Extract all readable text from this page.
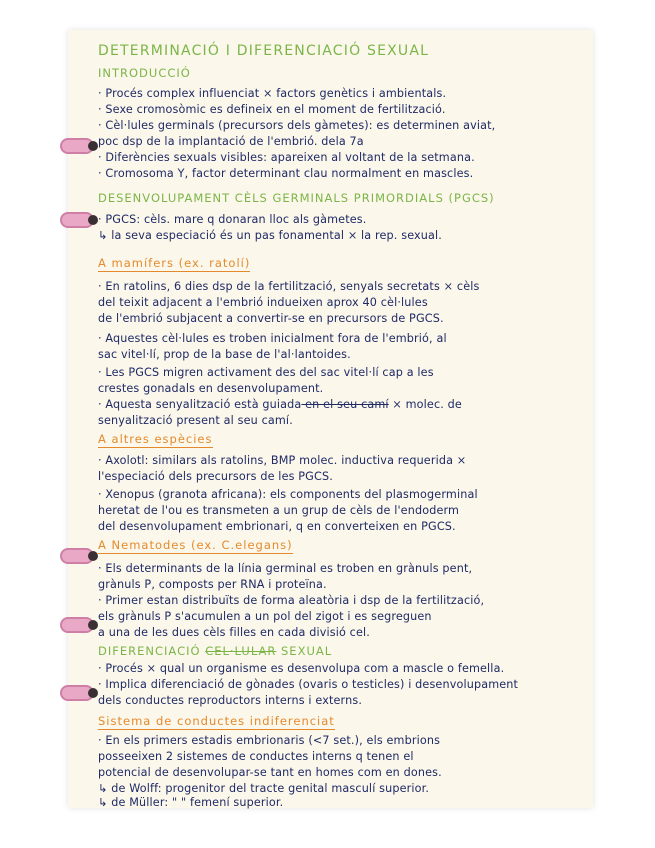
DETERMINACIÓ I DIFERENCIACIÓ SEXUAL
INTRODUCCIÓ
· Procés complex influenciat × factors genètics i ambientals.
· Sexe cromosòmic es defineix en el moment de fertilització.
· Cèl·lules germinals (precursors dels gàmetes): es determinen aviat,
poc dsp de la implantació de l'embrió. dela 7a
· Diferències sexuals visibles: apareixen al voltant de la setmana.
· Cromosoma Y, factor determinant clau normalment en mascles.
DESENVOLUPAMENT CÈLS GERMINALS PRIMORDIALS (PGCS)
· PGCS: cèls. mare q donaran lloc als gàmetes.
↳ la seva especiació és un pas fonamental × la rep. sexual.
A mamífers (ex. ratolí)
· En ratolins, 6 dies dsp de la fertilització, senyals secretats × cèls
del teixit adjacent a l'embrió indueixen aprox 40 cèl·lules
de l'embrió subjacent a convertir-se en precursors de PGCS.
· Aquestes cèl·lules es troben inicialment fora de l'embrió, al
sac vitel·lí, prop de la base de l'al·lantoides.
· Les PGCS migren activament des del sac vitel·lí cap a les
crestes gonadals en desenvolupament.
· Aquesta senyalització està guiada en el seu camí × molec. de
senyalització present al seu camí.
A altres espècies
· Axolotl: similars als ratolins, BMP molec. inductiva requerida ×
l'especiació dels precursors de les PGCS.
· Xenopus (granota africana): els components del plasmogerminal
heretat de l'ou es transmeten a un grup de cèls de l'endoderm
del desenvolupament embrionari, q en converteixen en PGCS.
A Nematodes (ex. C.elegans)
· Els determinants de la línia germinal es troben en grànuls pent,
grànuls P, composts per RNA i proteïna.
· Primer estan distribuïts de forma aleatòria i dsp de la fertilització,
els grànuls P s'acumulen a un pol del zigot i es segreguen
a una de les dues cèls filles en cada divisió cel.
DIFERENCIACIÓ CEL·LULAR SEXUAL
· Procés × qual un organisme es desenvolupa com a mascle o femella.
· Implica diferenciació de gònades (ovaris o testicles) i desenvolupament
dels conductes reproductors interns i externs.
Sistema de conductes indiferenciat
· En els primers estadis embrionaris (<7 set.), els embrions
posseeixen 2 sistemes de conductes interns q tenen el
potencial de desenvolupar-se tant en homes com en dones.
↳ de Wolff: progenitor del tracte genital masculí superior.
↳ de Müller: " " femení superior.
